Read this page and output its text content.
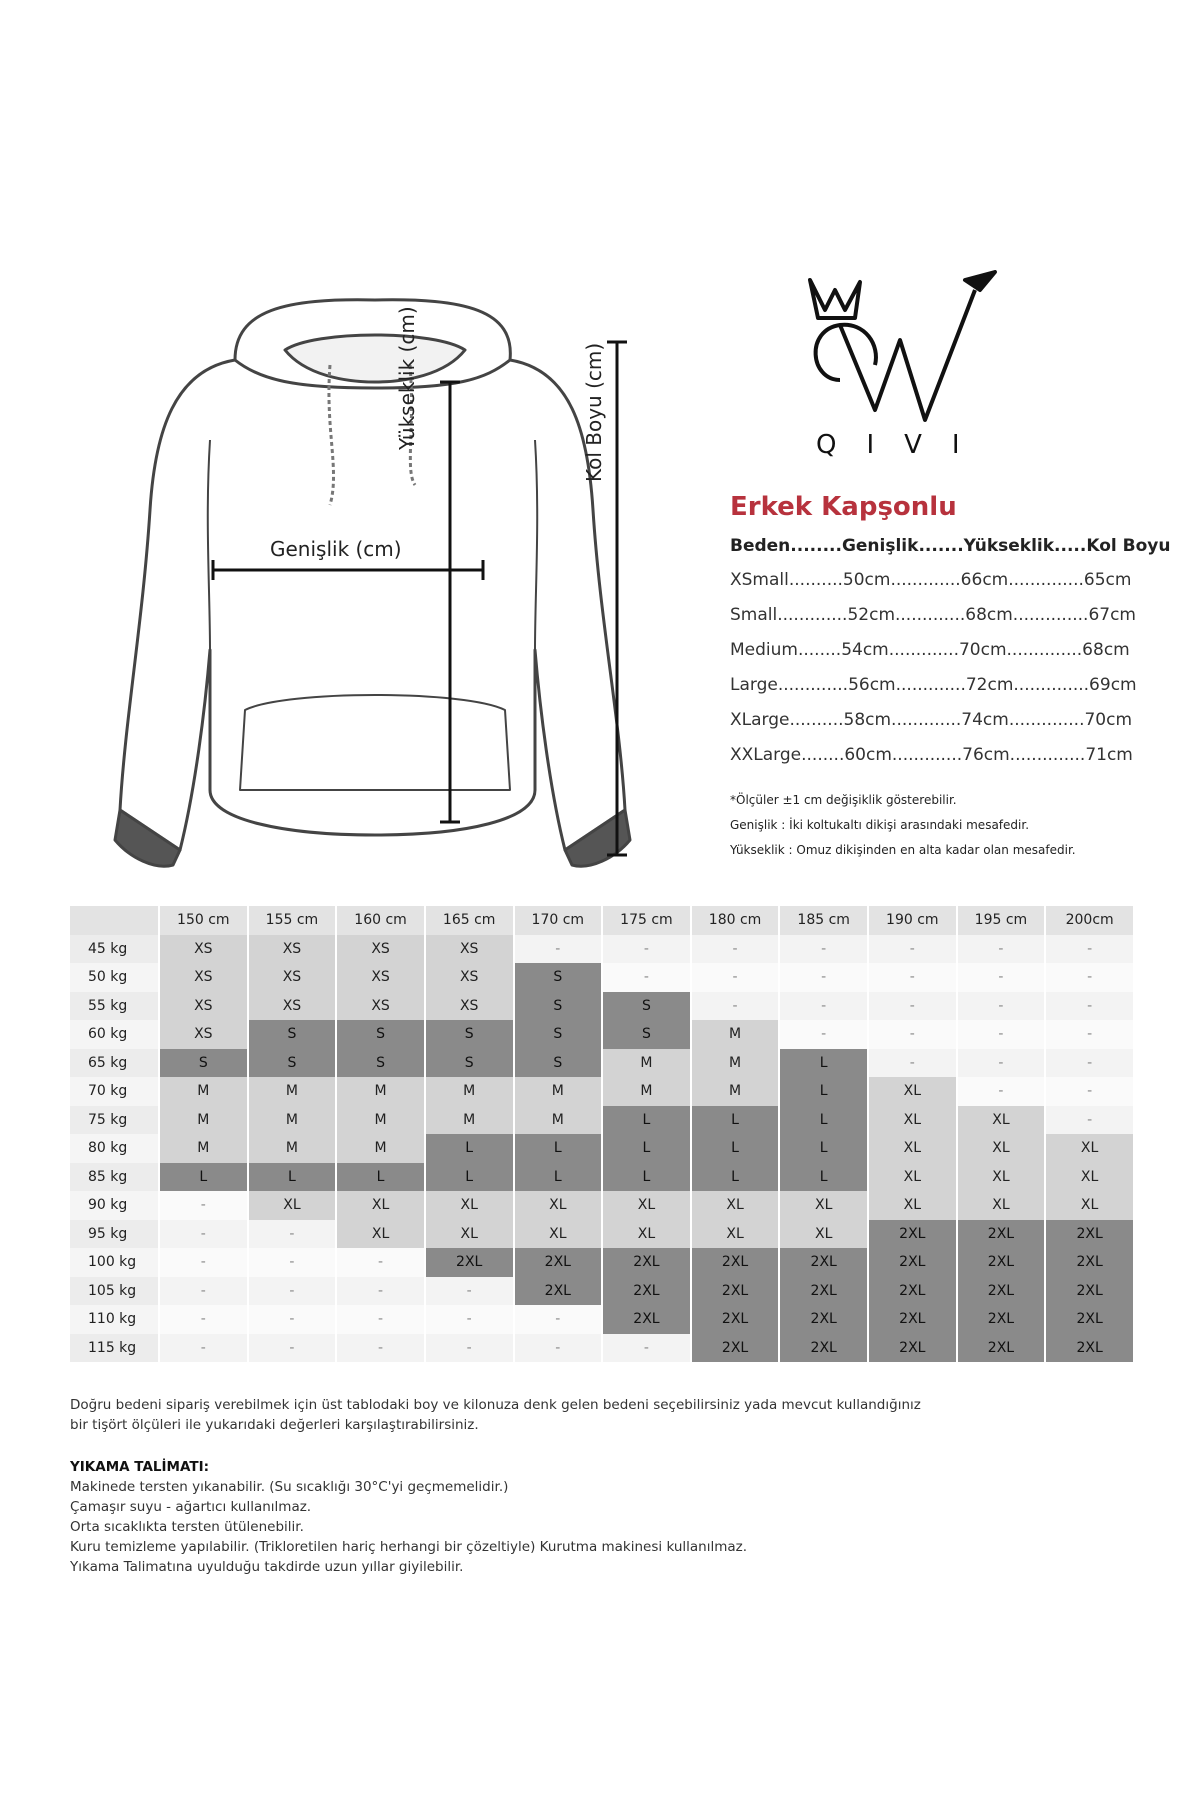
Genişlik (cm)
Yükseklik (cm)	Kol Boyu (cm)	QIVI
Erkek Kapşonlu
Beden........Genişlik.......Yükseklik.....Kol Boyu
XSmall..........50cm.............66cm..............65cm
Small.............52cm.............68cm..............67cm
Medium........54cm.............70cm..............68cm
Large.............56cm.............72cm..............69cm
XLarge..........58cm.............74cm..............70cm
XXLarge........60cm.............76cm..............71cm
*Ölçüler ±1 cm değişiklik gösterebilir.
Genişlik : İki koltukaltı dikişi arasındaki mesafedir.
Yükseklik : Omuz dikişinden en alta kadar olan mesafedir.
	150 cm	155 cm	160 cm	165 cm	170 cm	175 cm	180 cm	185 cm	190 cm	195 cm	200cm
45 kg	XS	XS	XS	XS	-	-	-	-	-	-	-
50 kg	XS	XS	XS	XS	S	-	-	-	-	-	-
55 kg	XS	XS	XS	XS	S	S	-	-	-	-	-
60 kg	XS	S	S	S	S	S	M	-	-	-	-
65 kg	S	S	S	S	S	M	M	L	-	-	-
70 kg	M	M	M	M	M	M	M	L	XL	-	-
75 kg	M	M	M	M	M	L	L	L	XL	XL	-
80 kg	M	M	M	L	L	L	L	L	XL	XL	XL
85 kg	L	L	L	L	L	L	L	L	XL	XL	XL
90 kg	-	XL	XL	XL	XL	XL	XL	XL	XL	XL	XL
95 kg	-	-	XL	XL	XL	XL	XL	XL	2XL	2XL	2XL
100 kg	-	-	-	2XL	2XL	2XL	2XL	2XL	2XL	2XL	2XL
105 kg	-	-	-	-	2XL	2XL	2XL	2XL	2XL	2XL	2XL
110 kg	-	-	-	-	-	2XL	2XL	2XL	2XL	2XL	2XL
115 kg	-	-	-	-	-	-	2XL	2XL	2XL	2XL	2XL

Doğru bedeni sipariş verebilmek için üst tablodaki boy ve kilonuza denk gelen bedeni seçebilirsiniz yada mevcut kullandığınız

bir tişört ölçüleri ile yukarıdaki değerleri karşılaştırabilirsiniz.

YIKAMA TALİMATI:

Makinede tersten yıkanabilir. (Su sıcaklığı 30°C'yi geçmemelidir.)

Çamaşır suyu - ağartıcı kullanılmaz.

Orta sıcaklıkta tersten ütülenebilir.

Kuru temizleme yapılabilir. (Trikloretilen hariç herhangi bir çözeltiyle) Kurutma makinesi kullanılmaz.

Yıkama Talimatına uyulduğu takdirde uzun yıllar giyilebilir.
